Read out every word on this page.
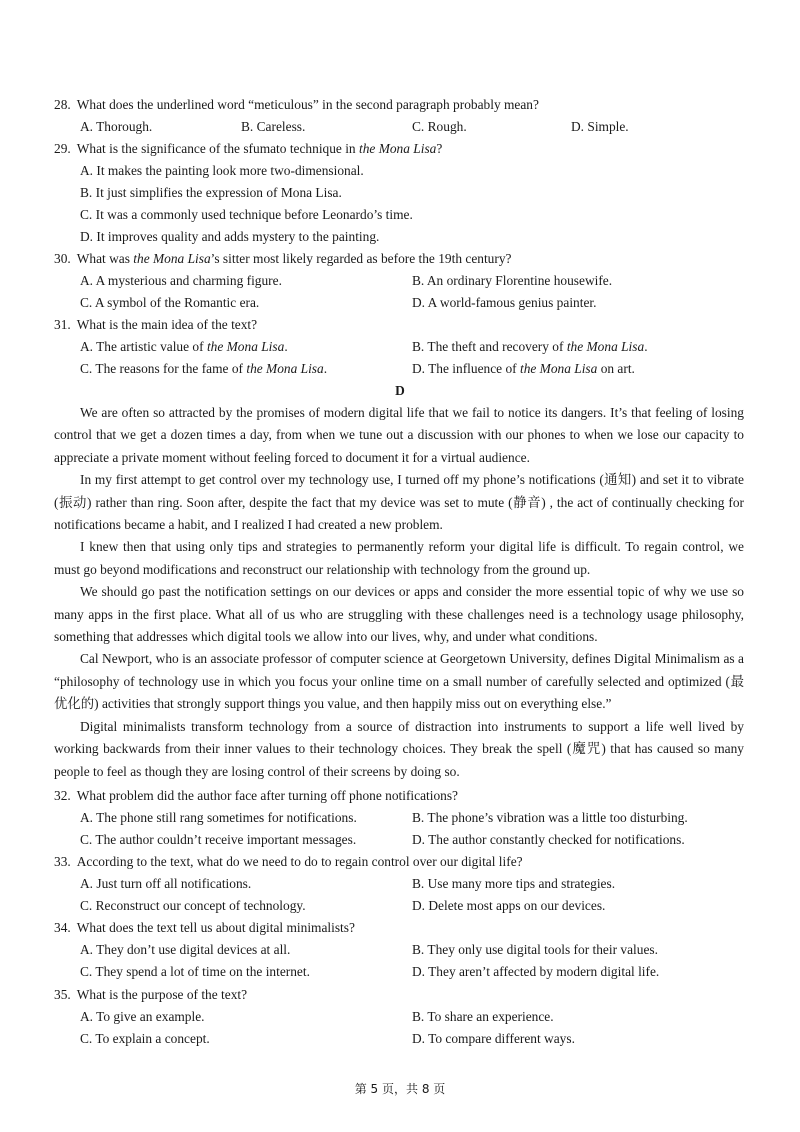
28. What does the underlined word “meticulous” in the second paragraph probably mean?
A. Thorough.	B. Careless.	C. Rough.	D. Simple.
29. What is the significance of the sfumato technique in the Mona Lisa?
A. It makes the painting look more two-dimensional.
B. It just simplifies the expression of Mona Lisa.
C. It was a commonly used technique before Leonardo’s time.
D. It improves quality and adds mystery to the painting.
30. What was the Mona Lisa’s sitter most likely regarded as before the 19th century?
A. A mysterious and charming figure.	B. An ordinary Florentine housewife.
C. A symbol of the Romantic era.	D. A world-famous genius painter.
31. What is the main idea of the text?
A. The artistic value of the Mona Lisa.	B. The theft and recovery of the Mona Lisa.
C. The reasons for the fame of the Mona Lisa.	D. The influence of the Mona Lisa on art.
D

We are often so attracted by the promises of modern digital life that we fail to notice its dangers. It’s that feeling of losing control that we get a dozen times a day, from when we tune out a discussion with our phones to when we lose our capacity to appreciate a private moment without feeling forced to document it for a virtual audience.

In my first attempt to get control over my technology use, I turned off my phone’s notifications (通知) and set it to vibrate (振动) rather than ring. Soon after, despite the fact that my device was set to mute (静音) , the act of continually checking for notifications became a habit, and I realized I had created a new problem.

I knew then that using only tips and strategies to permanently reform your digital life is difficult. To regain control, we must go beyond modifications and reconstruct our relationship with technology from the ground up.

We should go past the notification settings on our devices or apps and consider the more essential topic of why we use so many apps in the first place. What all of us who are struggling with these challenges need is a technology usage philosophy, something that addresses which digital tools we allow into our lives, why, and under what conditions.

Cal Newport, who is an associate professor of computer science at Georgetown University, defines Digital Minimalism as a “philosophy of technology use in which you focus your online time on a small number of carefully selected and optimized (最优化的) activities that strongly support things you value, and then happily miss out on everything else.”

Digital minimalists transform technology from a source of distraction into instruments to support a life well lived by working backwards from their inner values to their technology choices. They break the spell (魔咒) that has caused so many people to feel as though they are losing control of their screens by doing so.

32. What problem did the author face after turning off phone notifications?
A. The phone still rang sometimes for notifications.	B. The phone’s vibration was a little too disturbing.
C. The author couldn’t receive important messages.	D. The author constantly checked for notifications.
33. According to the text, what do we need to do to regain control over our digital life?
A. Just turn off all notifications.	B. Use many more tips and strategies.
C. Reconstruct our concept of technology.	D. Delete most apps on our devices.
34. What does the text tell us about digital minimalists?
A. They don’t use digital devices at all.	B. They only use digital tools for their values.
C. They spend a lot of time on the internet.	D. They aren’t affected by modern digital life.
35. What is the purpose of the text?
A. To give an example.	B. To share an experience.
C. To explain a concept.	D. To compare different ways.
第 5 页，共 8 页
